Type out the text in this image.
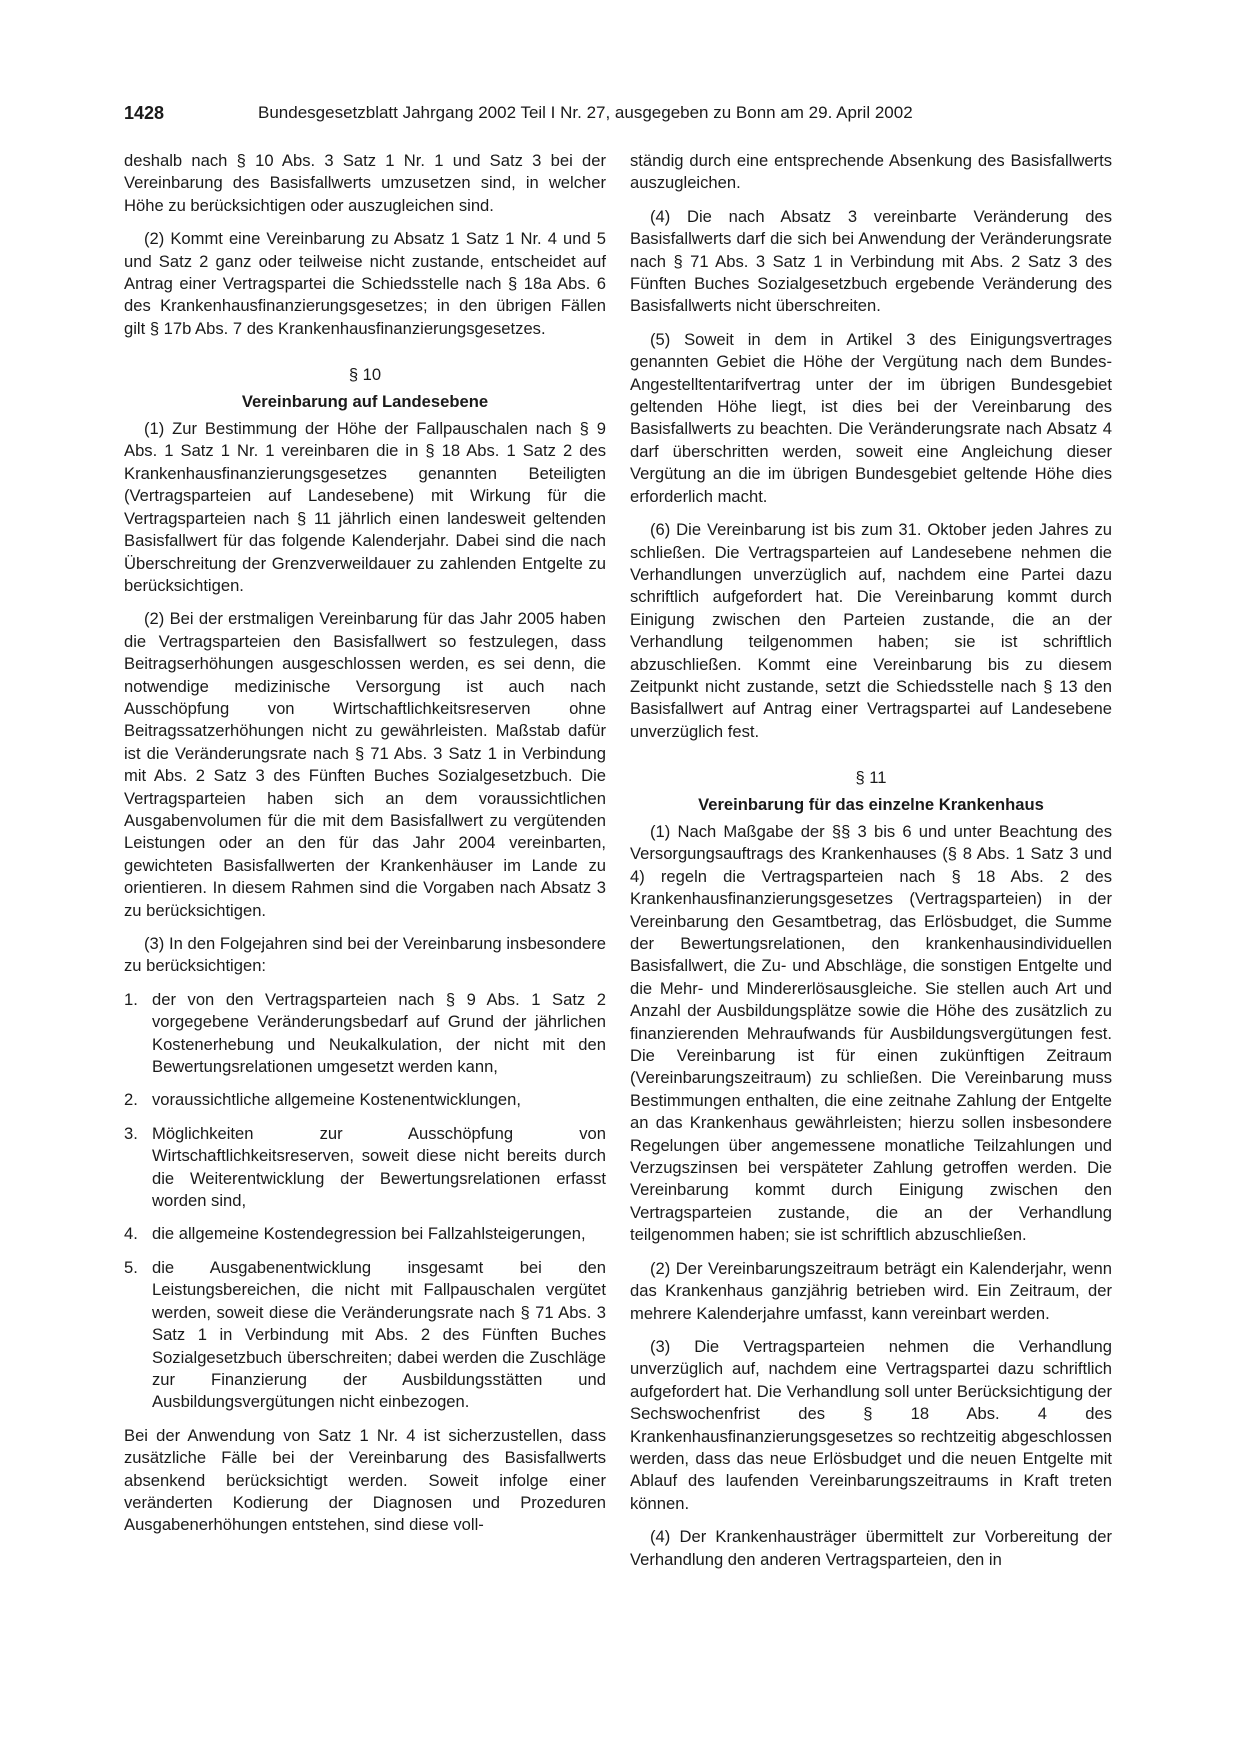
1428	Bundesgesetzblatt Jahrgang 2002 Teil I Nr. 27, ausgegeben zu Bonn am 29. April 2002

deshalb nach § 10 Abs. 3 Satz 1 Nr. 1 und Satz 3 bei der Vereinbarung des Basisfallwerts umzusetzen sind, in welcher Höhe zu berücksichtigen oder auszugleichen sind.

(2) Kommt eine Vereinbarung zu Absatz 1 Satz 1 Nr. 4 und 5 und Satz 2 ganz oder teilweise nicht zustande, entscheidet auf Antrag einer Vertragspartei die Schiedsstelle nach § 18a Abs. 6 des Krankenhausfinanzierungsgesetzes; in den übrigen Fällen gilt § 17b Abs. 7 des Krankenhausfinanzierungsgesetzes.

§ 10
Vereinbarung auf Landesebene

(1) Zur Bestimmung der Höhe der Fallpauschalen nach § 9 Abs. 1 Satz 1 Nr. 1 vereinbaren die in § 18 Abs. 1 Satz 2 des Krankenhausfinanzierungsgesetzes genannten Beteiligten (Vertragsparteien auf Landesebene) mit Wirkung für die Vertragsparteien nach § 11 jährlich einen landesweit geltenden Basisfallwert für das folgende Kalenderjahr. Dabei sind die nach Überschreitung der Grenzverweildauer zu zahlenden Entgelte zu berücksichtigen.

(2) Bei der erstmaligen Vereinbarung für das Jahr 2005 haben die Vertragsparteien den Basisfallwert so festzulegen, dass Beitragserhöhungen ausgeschlossen werden, es sei denn, die notwendige medizinische Versorgung ist auch nach Ausschöpfung von Wirtschaftlichkeitsreserven ohne Beitragssatzerhöhungen nicht zu gewährleisten. Maßstab dafür ist die Veränderungsrate nach § 71 Abs. 3 Satz 1 in Verbindung mit Abs. 2 Satz 3 des Fünften Buches Sozialgesetzbuch. Die Vertragsparteien haben sich an dem voraussichtlichen Ausgabenvolumen für die mit dem Basisfallwert zu vergütenden Leistungen oder an den für das Jahr 2004 vereinbarten, gewichteten Basisfallwerten der Krankenhäuser im Lande zu orientieren. In diesem Rahmen sind die Vorgaben nach Absatz 3 zu berücksichtigen.

(3) In den Folgejahren sind bei der Vereinbarung insbesondere zu berücksichtigen:

1. der von den Vertragsparteien nach § 9 Abs. 1 Satz 2 vorgegebene Veränderungsbedarf auf Grund der jährlichen Kostenerhebung und Neukalkulation, der nicht mit den Bewertungsrelationen umgesetzt werden kann,
2. voraussichtliche allgemeine Kostenentwicklungen,
3. Möglichkeiten zur Ausschöpfung von Wirtschaftlichkeitsreserven, soweit diese nicht bereits durch die Weiterentwicklung der Bewertungsrelationen erfasst worden sind,
4. die allgemeine Kostendegression bei Fallzahlsteigerungen,
5. die Ausgabenentwicklung insgesamt bei den Leistungsbereichen, die nicht mit Fallpauschalen vergütet werden, soweit diese die Veränderungsrate nach § 71 Abs. 3 Satz 1 in Verbindung mit Abs. 2 des Fünften Buches Sozialgesetzbuch überschreiten; dabei werden die Zuschläge zur Finanzierung der Ausbildungsstätten und Ausbildungsvergütungen nicht einbezogen.

Bei der Anwendung von Satz 1 Nr. 4 ist sicherzustellen, dass zusätzliche Fälle bei der Vereinbarung des Basisfallwerts absenkend berücksichtigt werden. Soweit infolge einer veränderten Kodierung der Diagnosen und Prozeduren Ausgabenerhöhungen entstehen, sind diese voll-

ständig durch eine entsprechende Absenkung des Basisfallwerts auszugleichen.

(4) Die nach Absatz 3 vereinbarte Veränderung des Basisfallwerts darf die sich bei Anwendung der Veränderungsrate nach § 71 Abs. 3 Satz 1 in Verbindung mit Abs. 2 Satz 3 des Fünften Buches Sozialgesetzbuch ergebende Veränderung des Basisfallwerts nicht überschreiten.

(5) Soweit in dem in Artikel 3 des Einigungsvertrages genannten Gebiet die Höhe der Vergütung nach dem Bundes-Angestelltentarifvertrag unter der im übrigen Bundesgebiet geltenden Höhe liegt, ist dies bei der Vereinbarung des Basisfallwerts zu beachten. Die Veränderungsrate nach Absatz 4 darf überschritten werden, soweit eine Angleichung dieser Vergütung an die im übrigen Bundesgebiet geltende Höhe dies erforderlich macht.

(6) Die Vereinbarung ist bis zum 31. Oktober jeden Jahres zu schließen. Die Vertragsparteien auf Landesebene nehmen die Verhandlungen unverzüglich auf, nachdem eine Partei dazu schriftlich aufgefordert hat. Die Vereinbarung kommt durch Einigung zwischen den Parteien zustande, die an der Verhandlung teilgenommen haben; sie ist schriftlich abzuschließen. Kommt eine Vereinbarung bis zu diesem Zeitpunkt nicht zustande, setzt die Schiedsstelle nach § 13 den Basisfallwert auf Antrag einer Vertragspartei auf Landesebene unverzüglich fest.

§ 11
Vereinbarung für das einzelne Krankenhaus

(1) Nach Maßgabe der §§ 3 bis 6 und unter Beachtung des Versorgungsauftrags des Krankenhauses (§ 8 Abs. 1 Satz 3 und 4) regeln die Vertragsparteien nach § 18 Abs. 2 des Krankenhausfinanzierungsgesetzes (Vertragsparteien) in der Vereinbarung den Gesamtbetrag, das Erlösbudget, die Summe der Bewertungsrelationen, den krankenhausindividuellen Basisfallwert, die Zu- und Abschläge, die sonstigen Entgelte und die Mehr- und Mindererlösausgleiche. Sie stellen auch Art und Anzahl der Ausbildungsplätze sowie die Höhe des zusätzlich zu finanzierenden Mehraufwands für Ausbildungsvergütungen fest. Die Vereinbarung ist für einen zukünftigen Zeitraum (Vereinbarungszeitraum) zu schließen. Die Vereinbarung muss Bestimmungen enthalten, die eine zeitnahe Zahlung der Entgelte an das Krankenhaus gewährleisten; hierzu sollen insbesondere Regelungen über angemessene monatliche Teilzahlungen und Verzugszinsen bei verspäteter Zahlung getroffen werden. Die Vereinbarung kommt durch Einigung zwischen den Vertragsparteien zustande, die an der Verhandlung teilgenommen haben; sie ist schriftlich abzuschließen.

(2) Der Vereinbarungszeitraum beträgt ein Kalenderjahr, wenn das Krankenhaus ganzjährig betrieben wird. Ein Zeitraum, der mehrere Kalenderjahre umfasst, kann vereinbart werden.

(3) Die Vertragsparteien nehmen die Verhandlung unverzüglich auf, nachdem eine Vertragspartei dazu schriftlich aufgefordert hat. Die Verhandlung soll unter Berücksichtigung der Sechswochenfrist des § 18 Abs. 4 des Krankenhausfinanzierungsgesetzes so rechtzeitig abgeschlossen werden, dass das neue Erlösbudget und die neuen Entgelte mit Ablauf des laufenden Vereinbarungszeitraums in Kraft treten können.

(4) Der Krankenhausträger übermittelt zur Vorbereitung der Verhandlung den anderen Vertragsparteien, den in
